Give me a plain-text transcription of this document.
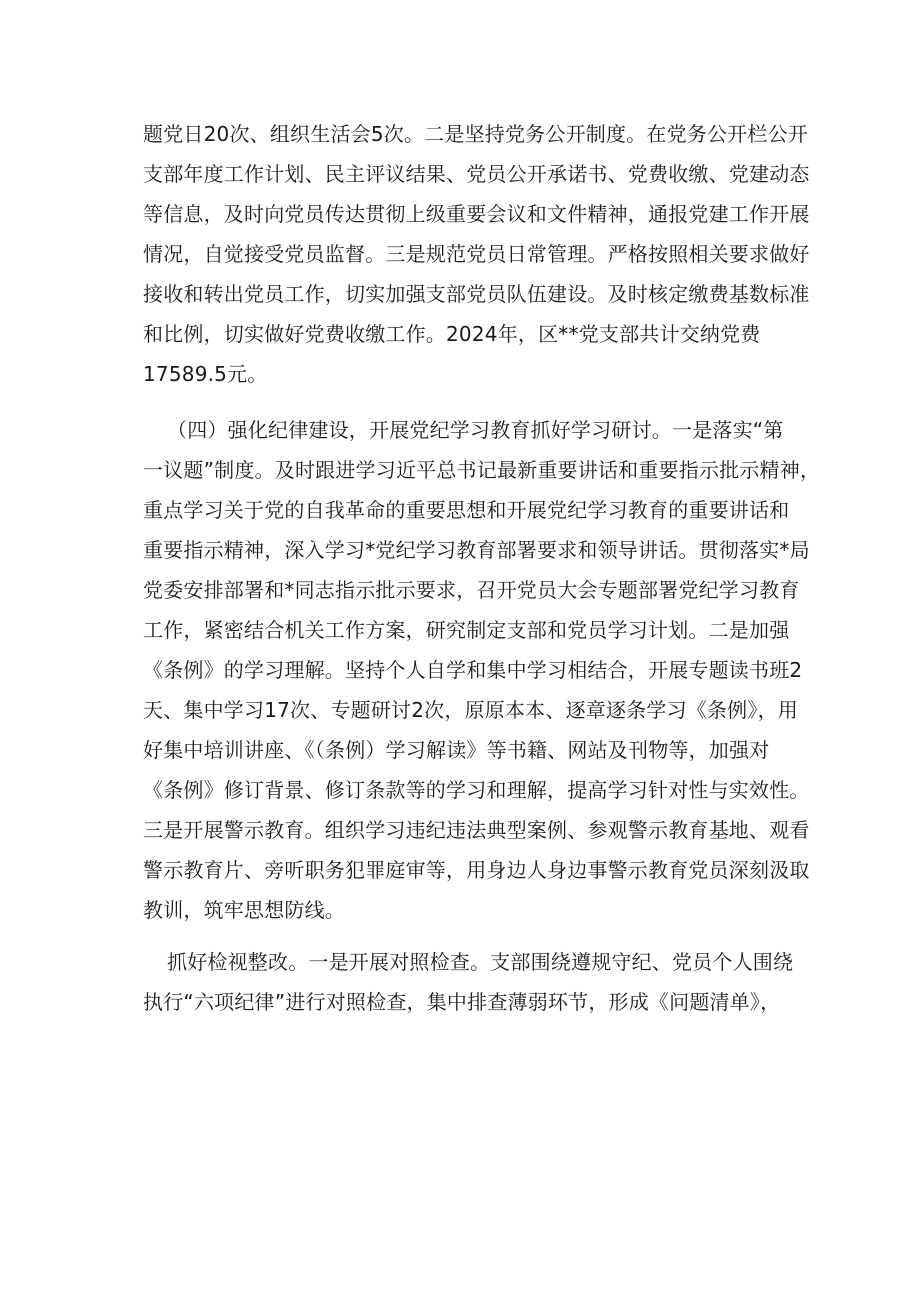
题党日20次、组织生活会5次。二是坚持党务公开制度。在党务公开栏公开
支部年度工作计划、民主评议结果、党员公开承诺书、党费收缴、党建动态
等信息，及时向党员传达贯彻上级重要会议和文件精神，通报党建工作开展
情况，自觉接受党员监督。三是规范党员日常管理。严格按照相关要求做好
接收和转出党员工作，切实加强支部党员队伍建设。及时核定缴费基数标准
和比例，切实做好党费收缴工作。2024年，区**党支部共计交纳党费
17589.5元。
（四）强化纪律建设，开展党纪学习教育抓好学习研讨。一是落实“第
一议题”制度。及时跟进学习近平总书记最新重要讲话和重要指示批示精神，
重点学习关于党的自我革命的重要思想和开展党纪学习教育的重要讲话和
重要指示精神，深入学习*党纪学习教育部署要求和领导讲话。贯彻落实*局
党委安排部署和*同志指示批示要求，召开党员大会专题部署党纪学习教育
工作，紧密结合机关工作方案，研究制定支部和党员学习计划。二是加强
《条例》的学习理解。坚持个人自学和集中学习相结合，开展专题读书班2
天、集中学习17次、专题研讨2次，原原本本、逐章逐条学习《条例》，用
好集中培训讲座、《（条例）学习解读》等书籍、网站及刊物等，加强对
《条例》修订背景、修订条款等的学习和理解，提高学习针对性与实效性。
三是开展警示教育。组织学习违纪违法典型案例、参观警示教育基地、观看
警示教育片、旁听职务犯罪庭审等，用身边人身边事警示教育党员深刻汲取
教训，筑牢思想防线。
抓好检视整改。一是开展对照检查。支部围绕遵规守纪、党员个人围绕
执行“六项纪律”进行对照检查，集中排查薄弱环节，形成《问题清单》，
